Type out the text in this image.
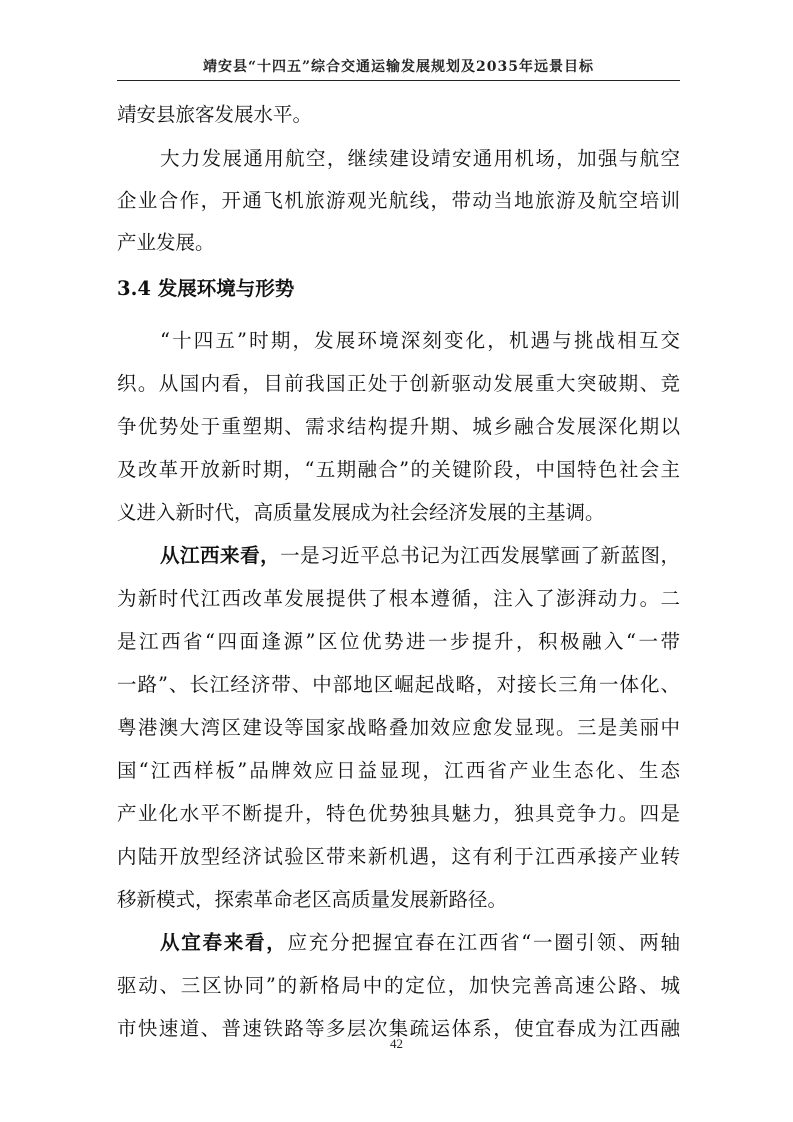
靖安县“十四五”综合交通运输发展规划及2035年远景目标
靖安县旅客发展水平。
大力发展通用航空，继续建设靖安通用机场，加强与航空
企业合作，开通飞机旅游观光航线，带动当地旅游及航空培训
产业发展。
3.4 发展环境与形势
“十四五”时期，发展环境深刻变化，机遇与挑战相互交
织。从国内看，目前我国正处于创新驱动发展重大突破期、竞
争优势处于重塑期、需求结构提升期、城乡融合发展深化期以
及改革开放新时期，“五期融合”的关键阶段，中国特色社会主
义进入新时代，高质量发展成为社会经济发展的主基调。
从江西来看，一是习近平总书记为江西发展擘画了新蓝图，
为新时代江西改革发展提供了根本遵循，注入了澎湃动力。二
是江西省“四面逢源”区位优势进一步提升，积极融入“一带
一路”、长江经济带、中部地区崛起战略，对接长三角一体化、
粤港澳大湾区建设等国家战略叠加效应愈发显现。三是美丽中
国“江西样板”品牌效应日益显现，江西省产业生态化、生态
产业化水平不断提升，特色优势独具魅力，独具竞争力。四是
内陆开放型经济试验区带来新机遇，这有利于江西承接产业转
移新模式，探索革命老区高质量发展新路径。
从宜春来看，应充分把握宜春在江西省“一圈引领、两轴
驱动、三区协同”的新格局中的定位，加快完善高速公路、城
市快速道、普速铁路等多层次集疏运体系，使宜春成为江西融
42
